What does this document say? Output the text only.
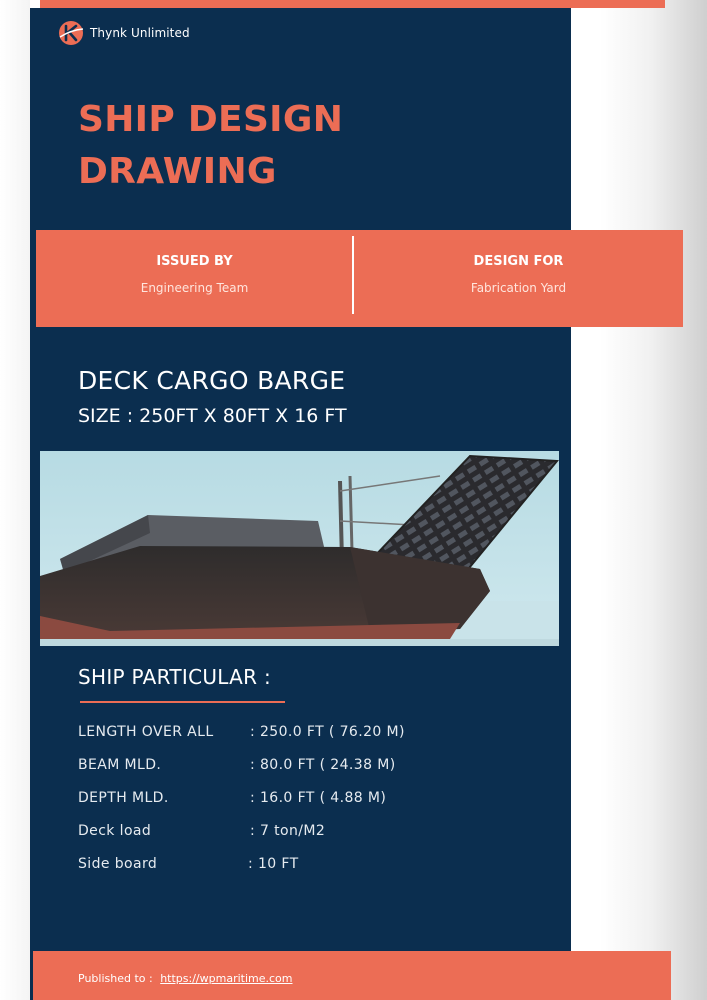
Thynk Unlimited
SHIP DESIGN
DRAWING
ISSUED BY
Engineering Team
DESIGN FOR
Fabrication Yard
DECK CARGO BARGE
SIZE : 250FT X 80FT X 16 FT
SHIP PARTICULAR :
LENGTH OVER ALL	: 250.0 FT ( 76.20 M)
BEAM MLD.	: 80.0 FT ( 24.38 M)
DEPTH MLD.	: 16.0 FT ( 4.88 M)
Deck load	: 7 ton/M2
Side board	: 10 FT
Published to : https://wpmaritime.com
